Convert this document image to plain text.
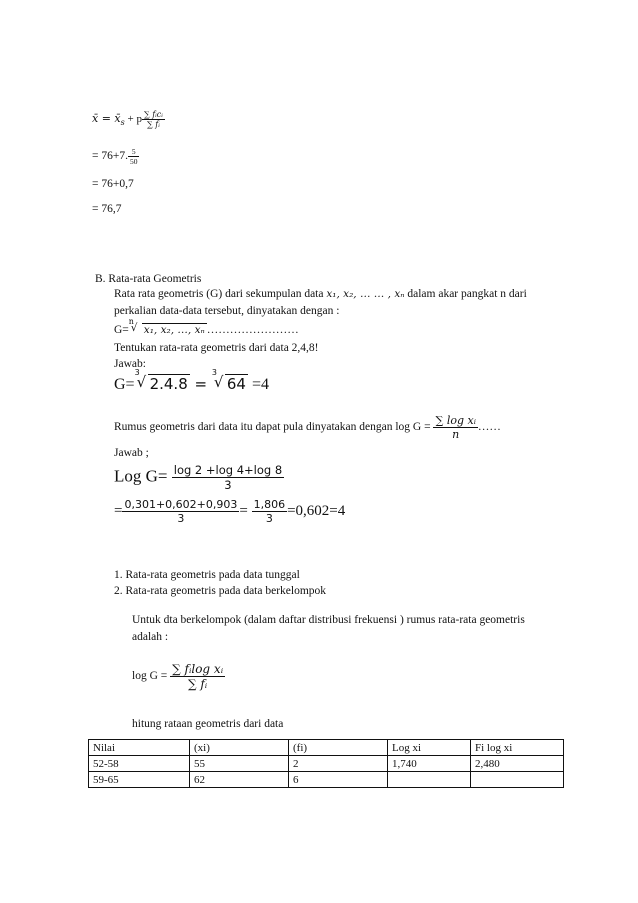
x̄ = $x̄_s + p \frac{\text{∑ fᵢcᵢ}}{\text{∑ fᵢ}}$
= 76+7. $\frac{5}{50}$
= 76+0,7
= 76,7
B. Rata-rata Geometris
Rata rata geometris (G) dari sekumpulan data x₁, x₂, … … , xₙ dalam akar pangkat n dari
perkalian data-data tersebut, dinyatakan dengan :
G=
n
√ x₁, x₂, …, xₙ ……………………
Tentukan rata-rata geometris dari data 2,4,8!
Jawab:
G=
3
√ 2.4.8 =
3
√ 64 =4
Rumus geometris dari data itu dapat pula dinyatakan dengan $\log G = \frac{\text{∑ log xᵢ}}{n}$ ……
Jawab ;
Log $G= \frac{\log 2 +\log 4+\log 8}{3}$
= $\frac{0,301+0,602+0,903}{3} = \frac{1,806}{3} =0,602=4$
1. Rata-rata geometris pada data tunggal
2. Rata-rata geometris pada data berkelompok
Untuk dta berkelompok (dalam daftar distribusi frekuensi ) rumus rata-rata geometris
adalah :
$\log G = \frac{\text{∑ fᵢlog xᵢ}}{\text{∑ fᵢ}}$
hitung rataan geometris dari data
Nilai	(xi)	(fi)	Log xi	Fi log xi
52-58	55	2	1,740	2,480
59-65	62	6		
